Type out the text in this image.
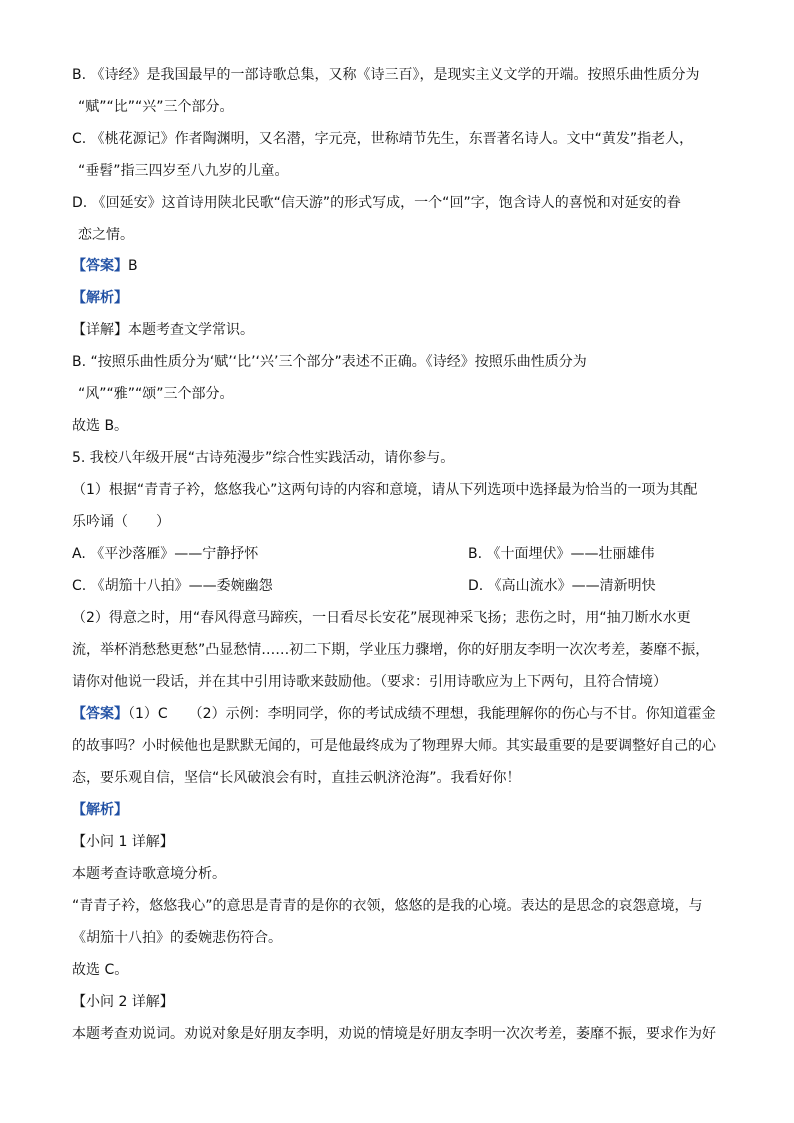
B. 《诗经》是我国最早的一部诗歌总集，又称《诗三百》，是现实主义文学的开端。按照乐曲性质分为
“赋”“比”“兴”三个部分。
C. 《桃花源记》作者陶渊明，又名潜，字元亮，世称靖节先生，东晋著名诗人。文中“黄发”指老人，
“垂髫”指三四岁至八九岁的儿童。
D. 《回延安》这首诗用陕北民歌“信天游”的形式写成，一个“回”字，饱含诗人的喜悦和对延安的眷
恋之情。
【答案】B
【解析】
【详解】本题考查文学常识。
B. “按照乐曲性质分为‘赋’‘比’‘兴’三个部分”表述不正确。《诗经》按照乐曲性质分为
“风”“雅”“颂”三个部分。
故选 B。
5. 我校八年级开展“古诗苑漫步”综合性实践活动，请你参与。
（1）根据“青青子衿，悠悠我心”这两句诗的内容和意境，请从下列选项中选择最为恰当的一项为其配
乐吟诵（　　）
A. 《平沙落雁》——宁静抒怀	B. 《十面埋伏》——壮丽雄伟
C. 《胡笳十八拍》——委婉幽怨	D. 《高山流水》——清新明快
（2）得意之时，用“春风得意马蹄疾，一日看尽长安花”展现神采飞扬；悲伤之时，用“抽刀断水水更
流，举杯消愁愁更愁”凸显愁情……初二下期，学业压力骤增，你的好朋友李明一次次考差，萎靡不振，
请你对他说一段话，并在其中引用诗歌来鼓励他。（要求：引用诗歌应为上下两句，且符合情境）
【答案】（1）C　　（2）示例：李明同学，你的考试成绩不理想，我能理解你的伤心与不甘。你知道霍金
的故事吗？小时候他也是默默无闻的，可是他最终成为了物理界大师。其实最重要的是要调整好自己的心
态，要乐观自信，坚信“长风破浪会有时，直挂云帆济沧海”。我看好你！
【解析】
【小问 1 详解】
本题考查诗歌意境分析。
“青青子衿，悠悠我心”的意思是青青的是你的衣领，悠悠的是我的心境。表达的是思念的哀怨意境，与
《胡笳十八拍》的委婉悲伤符合。
故选 C。
【小问 2 详解】
本题考查劝说词。劝说对象是好朋友李明，劝说的情境是好朋友李明一次次考差，萎靡不振，要求作为好
